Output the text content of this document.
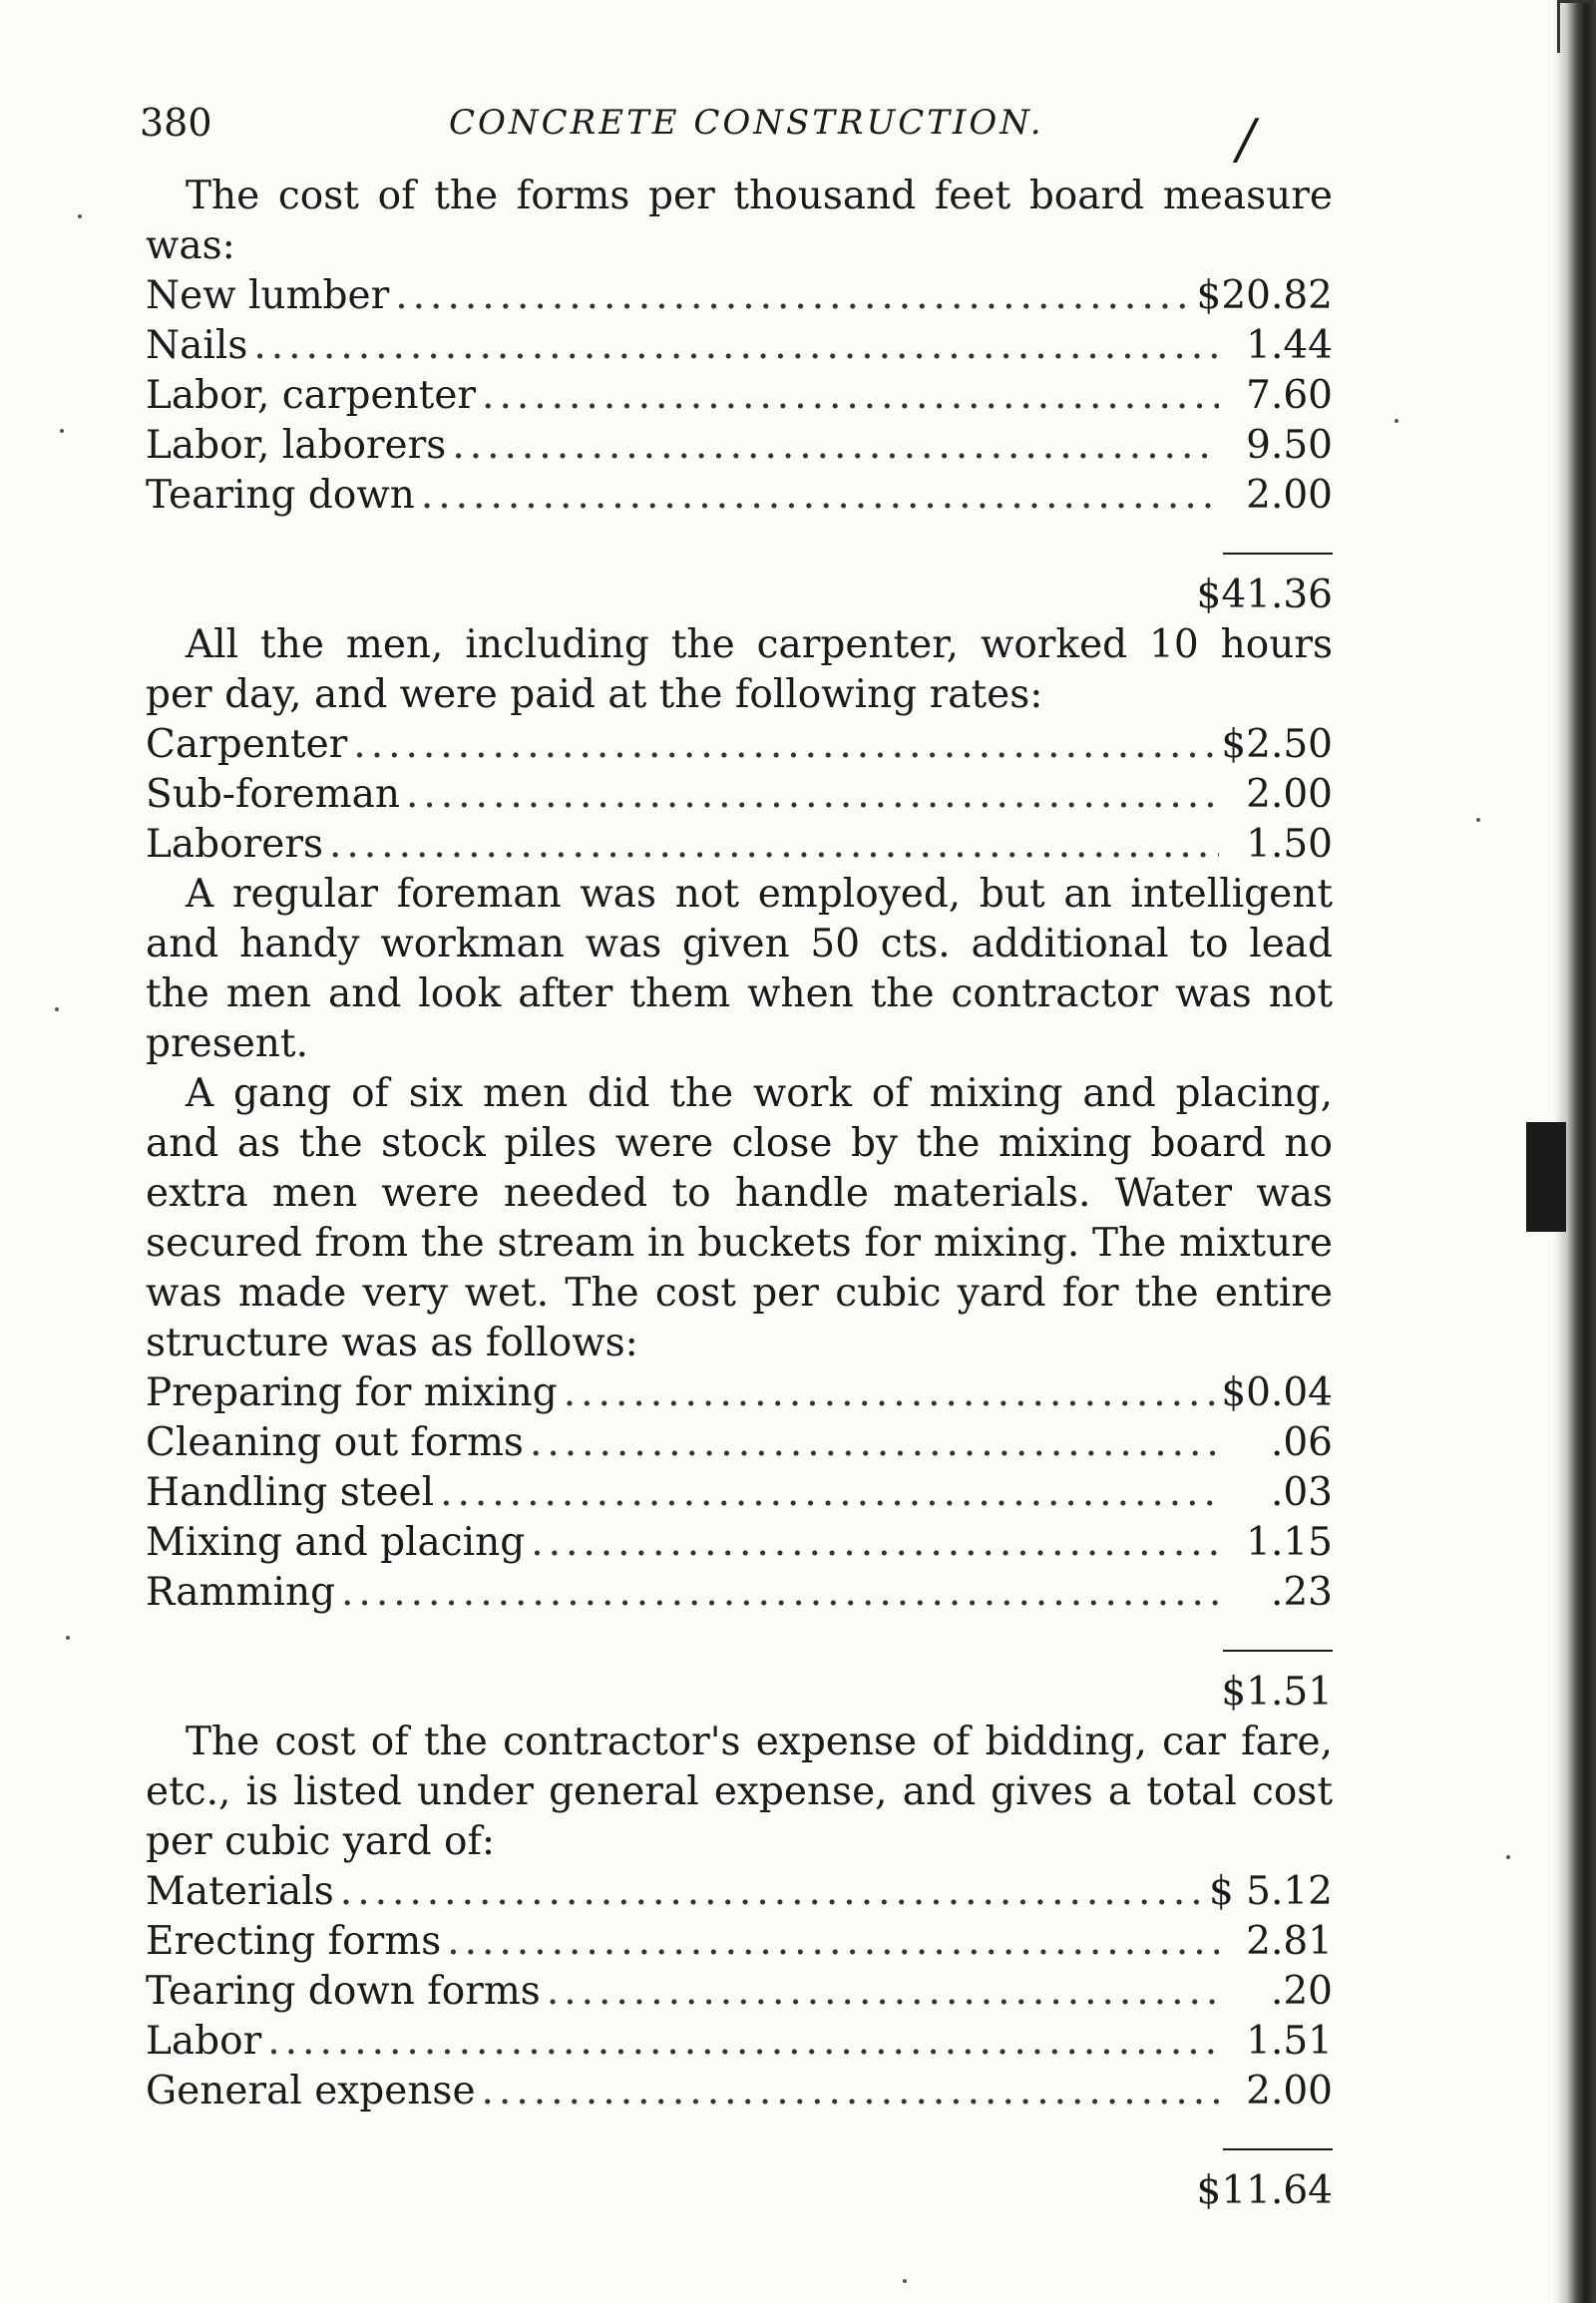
380	CONCRETE CONSTRUCTION.	/
The cost of the forms per thousand feet board measure
was:
New lumber .....	$20.82
Nails .....	1.44
Labor, carpenter .....	7.60
Labor, laborers .....	9.50
Tearing down .....	2.00
$41.36
All the men, including the carpenter, worked 10 hours per day, and were paid at the following rates:
Carpenter .....	$2.50
Sub-foreman .....	2.00
Laborers .....	1.50
A regular foreman was not employed, but an intelligent and handy workman was given 50 cts. additional to lead the men and look after them when the contractor was not present.
A gang of six men did the work of mixing and placing, and as the stock piles were close by the mixing board no extra men were needed to handle materials. Water was secured from the stream in buckets for mixing. The mixture was made very wet. The cost per cubic yard for the entire structure was as follows:
Preparing for mixing .....	$0.04
Cleaning out forms .....	.06
Handling steel .....	.03
Mixing and placing .....	1.15
Ramming .....	.23
$1.51
The cost of the contractor's expense of bidding, car fare, etc., is listed under general expense, and gives a total cost per cubic yard of:
Materials .....	$ 5.12
Erecting forms .....	2.81
Tearing down forms .....	.20
Labor .....	1.51
General expense .....	2.00
$11.64
